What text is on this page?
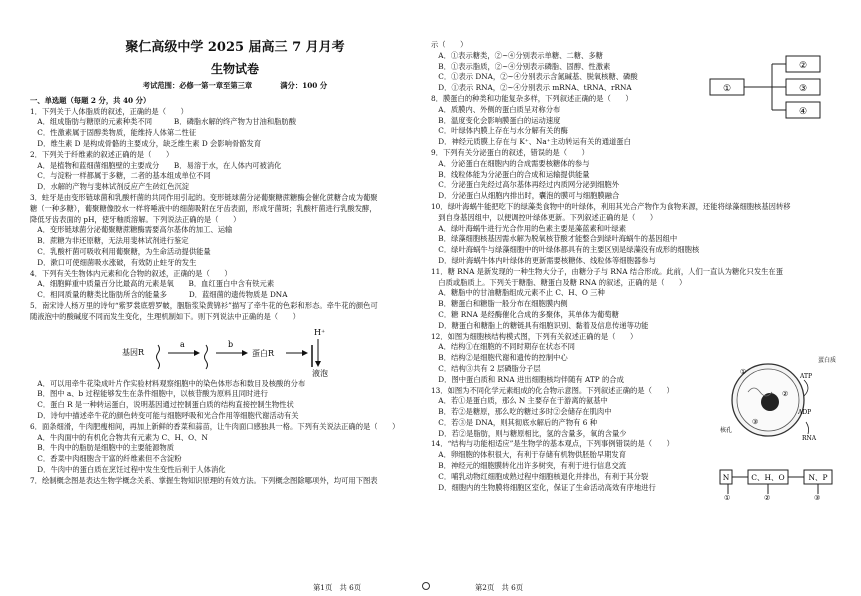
聚仁高级中学 2025 届高三 7 月月考
生物试卷
考试范围：必修一第一章至第三章	满分：100 分
一、单选题（每题 2 分，共 40 分）
1．下列关于人体脂质的叙述，正确的是（　　）
　A．组成脂肪与糖原的元素种类不同　　　B．磷脂水解的终产物为甘油和脂肪酸
　C．性激素属于固醇类物质，能维持人体第二性征
　D．维生素 D 是构成骨骼的主要成分，缺乏维生素 D 会影响骨骼发育
2．下列关于纤维素的叙述正确的是（　　）
　A．是植物和蓝细菌细胞壁的主要成分　　B．易溶于水，在人体内可被消化
　C．与淀粉一样都属于多糖，二者的基本组成单位不同
　D．水解的产物与斐林试剂反应产生砖红色沉淀
3．蛀牙是由变形链球菌和乳酸杆菌的共同作用引起的。变形链球菌分泌葡聚糖蔗糖酶会催化蔗糖合成为葡聚
糖（一种多糖），葡聚糖像胶水一样将唾液中的细菌吸附在牙齿表面，形成牙菌斑；乳酸杆菌进行乳酸发酵，
降低牙齿表面的 pH，使牙釉质溶解。下列说法正确的是（　　）
　A．变形链球菌分泌葡聚糖蔗糖酶需要高尔基体的加工、运输
　B．蔗糖为非还原糖，无法用斐林试剂进行鉴定
　C．乳酸杆菌可吸收利用葡聚糖，为生命活动提供能量
　D．漱口可使细菌吸水涨破，有效防止蛀牙的发生
4．下列有关生物体内元素和化合物的叙述，正确的是（　　）
　A．细胞鲜重中质量百分比最高的元素是氧　　B．血红蛋白中含有铁元素
　C．相同质量的糖类比脂肪所含的能量多　　　D．蓝细菌的遗传物质是 DNA
5．南宋诗人杨万里的诗句“紫罗裳底碧罗帔，胭脂浆染黄锦衫”描写了牵牛花的色彩和形态。牵牛花的颜色可
随液泡中的酸碱度不同而发生变化，生理机制如下。则下列说法中正确的是（　　）
基因R
a	b
蛋白R
H⁺
液泡
　A．可以用牵牛花染成叶片作实验材料观察细胞中的染色体形态和数目及核酸的分布
　B．图中 a、b 过程能够发生在条件细胞中，以核苷酸为原料且同时进行
　C．蛋白 R 是一种转运蛋白，说明基因通过控制蛋白质的结构直接控制生物性状
　D．诗句中描述牵牛花的颜色转变可能与细胞呼吸和光合作用等细胞代谢活动有关
6．面条细滑，牛肉肥瘦相间，再加上新鲜的香菜和蒜苗，让牛肉面口感独具一格。下列有关说法正确的是（　　）
　A．牛肉面中的有机化合物共有元素为 C、H、O、N
　B．牛肉中的脂肪是细胞中的主要能源物质
　C．香菜中肉细胞含干富的纤维素但不含淀粉
　D．牛肉中的蛋白质在烹饪过程中发生变性后利于人体消化
7．绘制概念图是表达生物学概念关系、掌握生物知识原理的有效方法。下列概念图除哪项外，均可用下图表
示（　　）
　A．①表示糖类，②~④分别表示单糖、二糖、多糖
　B．①表示脂质，②~④分别表示磷脂、固醇、性激素
　C．①表示 DNA，②~④分别表示含氮碱基、脱氧核糖、磷酸
　D．①表示 RNA，②~④分别表示 mRNA、tRNA、rRNA
8．膜蛋白的种类和功能复杂多样，下列叙述正确的是（　　）
　A．质膜内、外侧的蛋白质呈对称分布
　B．温度变化会影响膜蛋白的运动速度
　C．叶绿体内膜上存在与水分解有关的酶
　D．神经元质膜上存在与 K⁺、Na⁺主动转运有关的通道蛋白
9．下列有关分泌蛋白的叙述，错误的是（　　）
　A．分泌蛋白在细胞内的合成需要核糖体的参与
　B．线粒体能为分泌蛋白的合成和运输提供能量
　C．分泌蛋白先经过高尔基体再经过内质网分泌到细胞外
　D．分泌蛋白从细胞内排出时，囊泡的膜可与细胞膜融合
10．绿叶海蜗牛能把吃下的绿藻类食物中的叶绿体，利用其光合产物作为食物来源，还能将绿藻细胞核基因转移
　到自身基因组中，以便调控叶绿体更新。下列叙述正确的是（　　）
　A．绿叶海蜗牛进行光合作用的色素主要是藻蓝素和叶绿素
　B．绿藻细胞核基因需水解为脱氧核苷酸才能整合到绿叶海蜗牛的基因组中
　C．绿叶海蜗牛与绿藻细胞中的叶绿体都具有的主要区别是绿藻没有成形的细胞核
　D．绿叶海蜗牛体内叶绿体的更新需要核糖体、线粒体等细胞器参与
11．糖 RNA 是新发现的一种生物大分子，由糖分子与 RNA 结合形成。此前，人们一直认为糖化只发生在蛋
　白质或脂质上。下列关于糖脂、糖蛋白及糖 RNA 的叙述，正确的是（　　）
　A．糖脂中的甘油糖脂组成元素不止 C、H、O 三种
　B．糖蛋白和糖脂一般分布在细胞膜内侧
　C．糖 RNA 是经酶催化合成的多聚体，其单体为葡萄糖
　D．糖蛋白和糖脂上的糖链具有细胞识别、黏着及信息传递等功能
12．如图为细胞核结构模式图，下列有关叙述正确的是（　　）
　A．结构①在细胞的不同时期存在状态不同
　B．结构②是细胞代谢和遗传的控制中心
　C．结构③共有 2 层磷脂分子层
　D．图中蛋白质和 RNA 进出细胞核均伴随有 ATP 的合成
13．如图为不同化学元素组成的化合物示意图。下列叙述正确的是（　　）
　A．若①是蛋白质，那么 N 主要存在于游离的氨基中
　B．若②是糖原，那么吃的糖过多时②会储存在肌肉中
　C．若③是 DNA，则其彻底水解后的产物有 6 种
　D．若②是脂肪，则与糖原相比，氢的含量多，氧的含量少
14．“结构与功能相适应”是生物学的基本观点，下列事例错误的是（　　）
　A．卵细胞的体积很大，有利于存储有机物供胚胎早期发育
　B．神经元的细胞膜转化出许多树突，有利于进行信息交流
　C．哺乳动物红细胞成熟过程中细胞核退化并排出，有利于其分裂
　D．细胞内的生物膜将细胞区室化，保证了生命活动高效有序地进行
①
②
③
④
蛋白质
ATP
ADP
RNA
核孔
①
②
③
C、H、O
N	N、P
①	②	③
第1页　共 6页	第2页　共 6页
